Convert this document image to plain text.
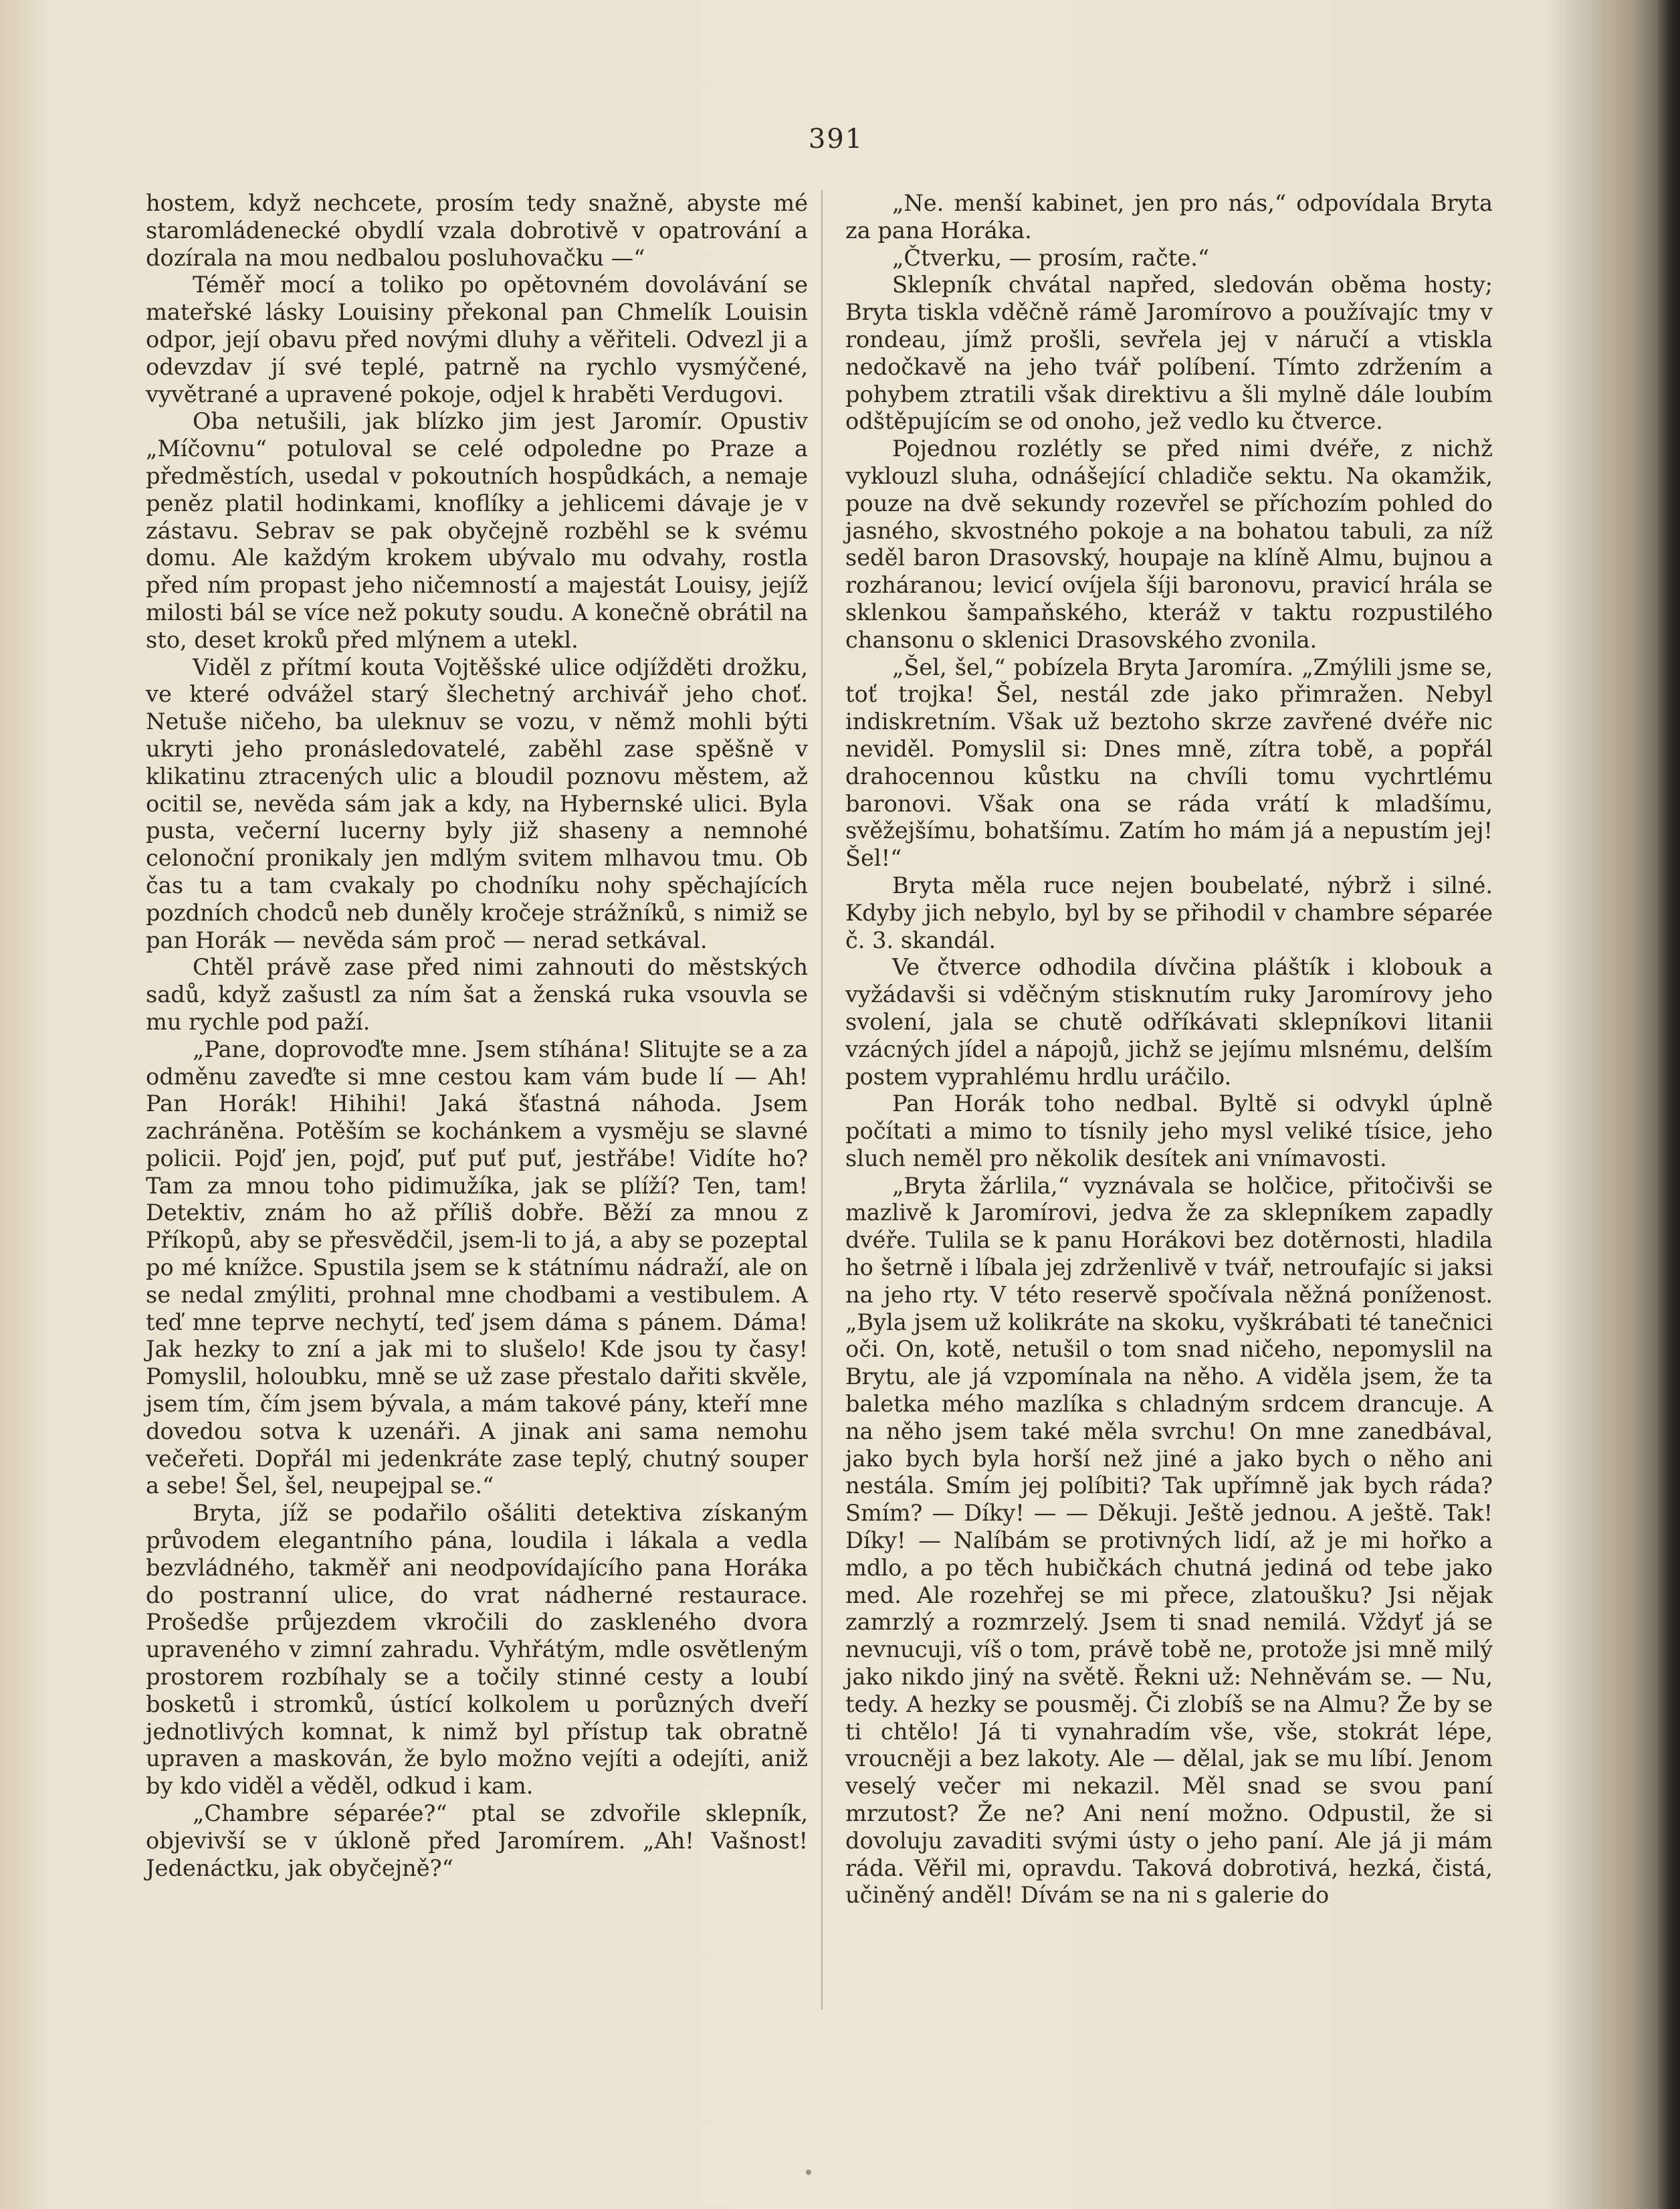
391

hostem, když nechcete, prosím tedy snažně, abyste mé staromládenecké obydlí vzala dobrotivě v opatrování a dozírala na mou nedbalou posluhovačku —“

Téměř mocí a toliko po opětovném dovolávání se mateřské lásky Louisiny překonal pan Chmelík Louisin odpor, její obavu před novými dluhy a věřiteli. Odvezl ji a odevzdav jí své teplé, patrně na rychlo vysmýčené, vyvětrané a upravené pokoje, odjel k hraběti Verdugovi.

Oba netušili, jak blízko jim jest Jaromír. Opustiv „Míčovnu“ potuloval se celé odpoledne po Praze a předměstích, usedal v pokoutních hospůdkách, a nemaje peněz platil hodinkami, knoflíky a jehlicemi dávaje je v zástavu. Sebrav se pak obyčejně rozběhl se k svému domu. Ale každým krokem ubývalo mu odvahy, rostla před ním propast jeho ničemností a majestát Louisy, jejíž milosti bál se více než pokuty soudu. A konečně obrátil na sto, deset kroků před mlýnem a utekl.

Viděl z přítmí kouta Vojtěšské ulice odjížděti drožku, ve které odvážel starý šlechetný archivář jeho choť. Netuše ničeho, ba uleknuv se vozu, v němž mohli býti ukryti jeho pronásledovatelé, zaběhl zase spěšně v klikatinu ztracených ulic a bloudil poznovu městem, až ocitil se, nevěda sám jak a kdy, na Hybernské ulici. Byla pusta, večerní lucerny byly již shaseny a nemnohé celonoční pronikaly jen mdlým svitem mlhavou tmu. Ob čas tu a tam cvakaly po chodníku nohy spěchajících pozdních chodců neb duněly kročeje strážníků, s nimiž se pan Horák — nevěda sám proč — nerad setkával.

Chtěl právě zase před nimi zahnouti do městských sadů, když zašustl za ním šat a ženská ruka vsouvla se mu rychle pod paží.

„Pane, doprovoďte mne. Jsem stíhána! Slitujte se a za odměnu zaveďte si mne cestou kam vám bude lí — Ah! Pan Horák! Hihihi! Jaká šťastná náhoda. Jsem zachráněna. Potěším se kochánkem a vysměju se slavné policii. Pojď jen, pojď, puť puť puť, jestřábe! Vidíte ho? Tam za mnou toho pidimužíka, jak se plíží? Ten, tam! Detektiv, znám ho až příliš dobře. Běží za mnou z Příkopů, aby se přesvědčil, jsem-li to já, a aby se pozeptal po mé knížce. Spustila jsem se k státnímu nádraží, ale on se nedal zmýliti, prohnal mne chodbami a vestibulem. A teď mne teprve nechytí, teď jsem dáma s pánem. Dáma! Jak hezky to zní a jak mi to slušelo! Kde jsou ty časy! Pomyslil, holoubku, mně se už zase přestalo dařiti skvěle, jsem tím, čím jsem bývala, a mám takové pány, kteří mne dovedou sotva k uzenáři. A jinak ani sama nemohu večeřeti. Dopřál mi jedenkráte zase teplý, chutný souper a sebe! Šel, šel, neupejpal se.“

Bryta, jíž se podařilo ošáliti detektiva získaným průvodem elegantního pána, loudila i lákala a vedla bezvládného, takměř ani neodpovídajícího pana Horáka do postranní ulice, do vrat nádherné restaurace. Prošedše průjezdem vkročili do zaskleného dvora upraveného v zimní zahradu. Vyhřátým, mdle osvětleným prostorem rozbíhaly se a točily stinné cesty a loubí bosketů i stromků, ústící kolkolem u porůzných dveří jednotlivých komnat, k nimž byl přístup tak obratně upraven a maskován, že bylo možno vejíti a odejíti, aniž by kdo viděl a věděl, odkud i kam.

„Chambre séparée?“ ptal se zdvořile sklepník, objevivší se v úkloně před Jaromírem. „Ah! Vašnost! Jedenáctku, jak obyčejně?“

„Ne. menší kabinet, jen pro nás,“ odpovídala Bryta za pana Horáka.

„Čtverku, — prosím, račte.“

Sklepník chvátal napřed, sledován oběma hosty; Bryta tiskla vděčně rámě Jaromírovo a používajíc tmy v rondeau, jímž prošli, sevřela jej v náručí a vtiskla nedočkavě na jeho tvář políbení. Tímto zdržením a pohybem ztratili však direktivu a šli mylně dále loubím odštěpujícím se od onoho, jež vedlo ku čtverce.

Pojednou rozlétly se před nimi dvéře, z nichž vyklouzl sluha, odnášející chladiče sektu. Na okamžik, pouze na dvě sekundy rozevřel se příchozím pohled do jasného, skvostného pokoje a na bohatou tabuli, za níž seděl baron Drasovský, houpaje na klíně Almu, bujnou a rozháranou; levicí ovíjela šíji baronovu, pravicí hrála se sklenkou šampaňského, kteráž v taktu rozpustilého chansonu o sklenici Drasovského zvonila.

„Šel, šel,“ pobízela Bryta Jaromíra. „Zmýlili jsme se, toť trojka! Šel, nestál zde jako přimražen. Nebyl indiskretním. Však už beztoho skrze zavřené dvéře nic neviděl. Pomyslil si: Dnes mně, zítra tobě, a popřál drahocennou kůstku na chvíli tomu vychrtlému baronovi. Však ona se ráda vrátí k mladšímu, svěžejšímu, bohatšímu. Zatím ho mám já a nepustím jej! Šel!“

Bryta měla ruce nejen boubelaté, nýbrž i silné. Kdyby jich nebylo, byl by se přihodil v chambre séparée č. 3. skandál.

Ve čtverce odhodila dívčina pláštík i klobouk a vyžádavši si vděčným stisknutím ruky Jaromírovy jeho svolení, jala se chutě odříkávati sklepníkovi litanii vzácných jídel a nápojů, jichž se jejímu mlsnému, delším postem vyprahlému hrdlu uráčilo.

Pan Horák toho nedbal. Byltě si odvykl úplně počítati a mimo to tísnily jeho mysl veliké tísice, jeho sluch neměl pro několik desítek ani vnímavosti.

„Bryta žárlila,“ vyznávala se holčice, přitočivši se mazlivě k Jaromírovi, jedva že za sklepníkem zapadly dvéře. Tulila se k panu Horákovi bez dotěrnosti, hladila ho šetrně i líbala jej zdrženlivě v tvář, netroufajíc si jaksi na jeho rty. V této reservě spočívala něžná poníženost. „Byla jsem už kolikráte na skoku, vyškrábati té tanečnici oči. On, kotě, netušil o tom snad ničeho, nepomyslil na Brytu, ale já vzpomínala na něho. A viděla jsem, že ta baletka mého mazlíka s chladným srdcem drancuje. A na něho jsem také měla svrchu! On mne zanedbával, jako bych byla horší než jiné a jako bych o něho ani nestála. Smím jej políbiti? Tak upřímně jak bych ráda? Smím? — Díky! — — Děkuji. Ještě jednou. A ještě. Tak! Díky! — Nalíbám se protivných lidí, až je mi hořko a mdlo, a po těch hubičkách chutná jediná od tebe jako med. Ale rozehřej se mi přece, zlatoušku? Jsi nějak zamrzlý a rozmrzelý. Jsem ti snad nemilá. Vždyť já se nevnucuji, víš o tom, právě tobě ne, protože jsi mně milý jako nikdo jiný na světě. Řekni už: Nehněvám se. — Nu, tedy. A hezky se pousměj. Či zlobíš se na Almu? Že by se ti chtělo! Já ti vynahradím vše, vše, stokrát lépe, vroucněji a bez lakoty. Ale — dělal, jak se mu líbí. Jenom veselý večer mi nekazil. Měl snad se svou paní mrzutost? Že ne? Ani není možno. Odpustil, že si dovoluju zavaditi svými ústy o jeho paní. Ale já ji mám ráda. Věřil mi, opravdu. Taková dobrotivá, hezká, čistá, učiněný anděl! Dívám se na ni s galerie do
